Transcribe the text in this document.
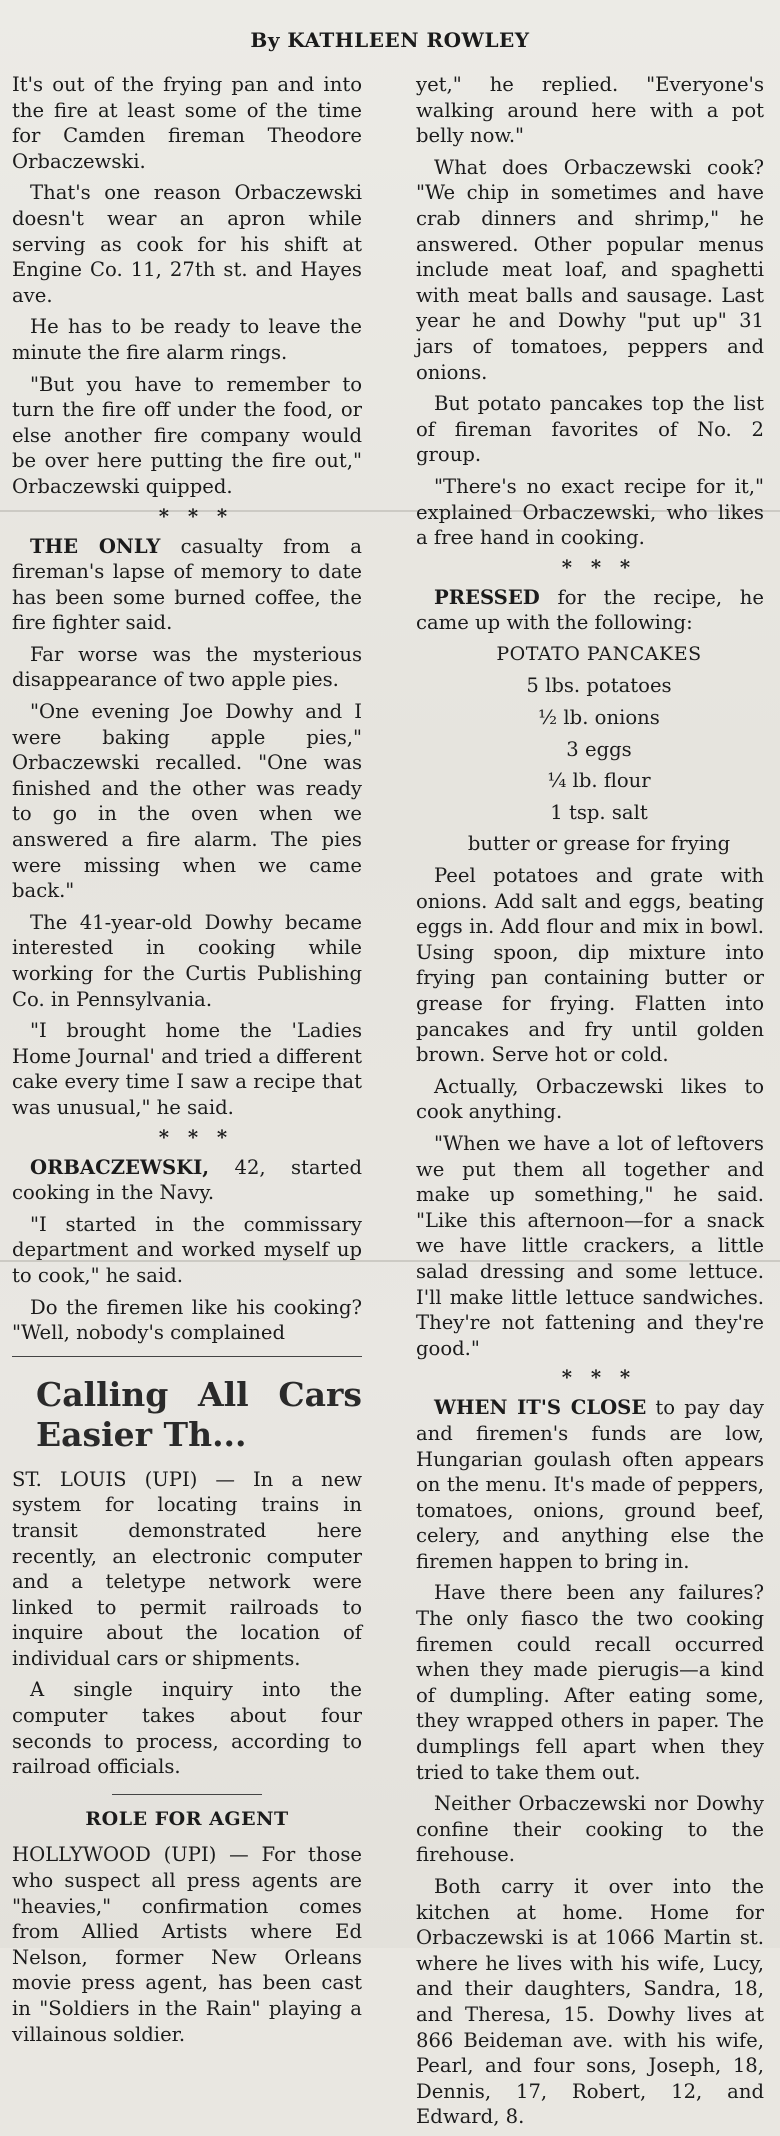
By KATHLEEN ROWLEY

It's out of the frying pan and into the fire at least some of the time for Camden fireman Theodore Orbaczewski.

That's one reason Orbaczewski doesn't wear an apron while serving as cook for his shift at Engine Co. 11, 27th st. and Hayes ave.

He has to be ready to leave the minute the fire alarm rings.

"But you have to remember to turn the fire off under the food, or else another fire company would be over here putting the fire out," Orbaczewski quipped.

* * *

THE ONLY casualty from a fireman's lapse of memory to date has been some burned coffee, the fire fighter said.

Far worse was the mysterious disappearance of two apple pies.

"One evening Joe Dowhy and I were baking apple pies," Orbaczewski recalled. "One was finished and the other was ready to go in the oven when we answered a fire alarm. The pies were missing when we came back."

The 41-year-old Dowhy became interested in cooking while working for the Curtis Publishing Co. in Pennsylvania.

"I brought home the 'Ladies Home Journal' and tried a different cake every time I saw a recipe that was unusual," he said.

* * *

ORBACZEWSKI, 42, started cooking in the Navy.

"I started in the commissary department and worked myself up to cook," he said.

Do the firemen like his cooking? "Well, nobody's complained

Calling All Cars Easier Th...

ST. LOUIS (UPI) — In a new system for locating trains in transit demonstrated here recently, an electronic computer and a teletype network were linked to permit railroads to inquire about the location of individual cars or shipments.

A single inquiry into the computer takes about four seconds to process, according to railroad officials.

ROLE FOR AGENT

HOLLYWOOD (UPI) — For those who suspect all press agents are "heavies," confirmation comes from Allied Artists where Ed Nelson, former New Orleans movie press agent, has been cast in "Soldiers in the Rain" playing a villainous soldier.

yet," he replied. "Everyone's walking around here with a pot belly now."

What does Orbaczewski cook? "We chip in sometimes and have crab dinners and shrimp," he answered. Other popular menus include meat loaf, and spaghetti with meat balls and sausage. Last year he and Dowhy "put up" 31 jars of tomatoes, peppers and onions.

But potato pancakes top the list of fireman favorites of No. 2 group.

"There's no exact recipe for it," explained Orbaczewski, who likes a free hand in cooking.

* * *

PRESSED for the recipe, he came up with the following:

POTATO PANCAKES

5 lbs. potatoes

½ lb. onions

3 eggs

¼ lb. flour

1 tsp. salt

butter or grease for frying

Peel potatoes and grate with onions. Add salt and eggs, beating eggs in. Add flour and mix in bowl. Using spoon, dip mixture into frying pan containing butter or grease for frying. Flatten into pancakes and fry until golden brown. Serve hot or cold.

Actually, Orbaczewski likes to cook anything.

"When we have a lot of leftovers we put them all together and make up something," he said. "Like this afternoon—for a snack we have little crackers, a little salad dressing and some lettuce. I'll make little lettuce sandwiches. They're not fattening and they're good."

* * *

WHEN IT'S CLOSE to pay day and firemen's funds are low, Hungarian goulash often appears on the menu. It's made of peppers, tomatoes, onions, ground beef, celery, and anything else the firemen happen to bring in.

Have there been any failures? The only fiasco the two cooking firemen could recall occurred when they made pierugis—a kind of dumpling. After eating some, they wrapped others in paper. The dumplings fell apart when they tried to take them out.

Neither Orbaczewski nor Dowhy confine their cooking to the firehouse.

Both carry it over into the kitchen at home. Home for Orbaczewski is at 1066 Martin st. where he lives with his wife, Lucy, and their daughters, Sandra, 18, and Theresa, 15. Dowhy lives at 866 Beideman ave. with his wife, Pearl, and four sons, Joseph, 18, Dennis, 17, Robert, 12, and Edward, 8.
